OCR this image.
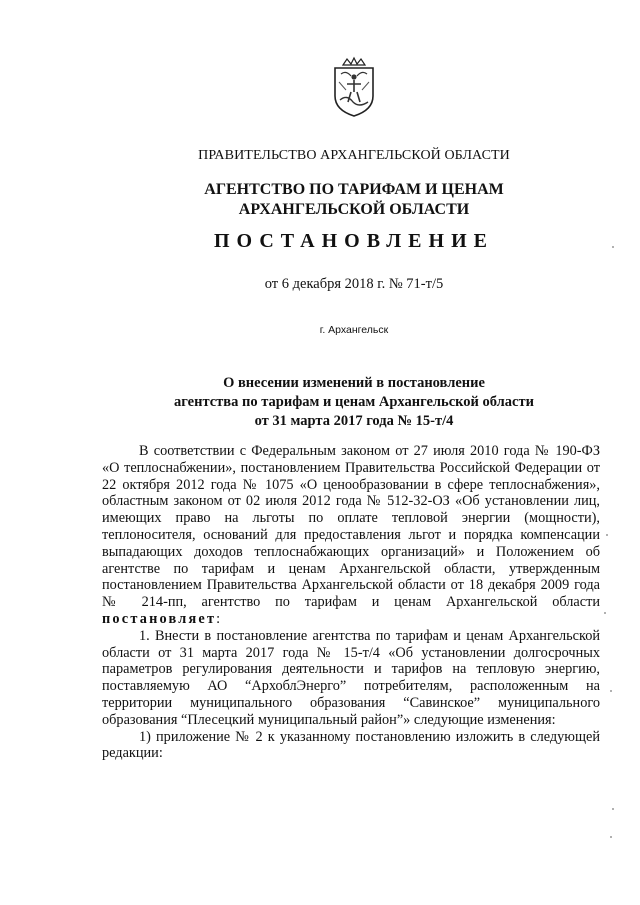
ПРАВИТЕЛЬСТВО АРХАНГЕЛЬСКОЙ ОБЛАСТИ
АГЕНТСТВО ПО ТАРИФАМ И ЦЕНАМ
АРХАНГЕЛЬСКОЙ ОБЛАСТИ
ПОСТАНОВЛЕНИЕ
от 6 декабря 2018 г. № 71-т/5
г. Архангельск
О внесении изменений в постановление
агентства по тарифам и ценам Архангельской области
от 31 марта 2017 года № 15-т/4

В соответствии с Федеральным законом от 27 июля 2010 года № 190-ФЗ «О теплоснабжении», постановлением Правительства Российской Федерации от 22 октября 2012 года № 1075 «О ценообразовании в сфере теплоснабжения», областным законом от 02 июля 2012 года № 512-32-ОЗ «Об установлении лиц, имеющих право на льготы по оплате тепловой энергии (мощности), теплоносителя, оснований для предоставления льгот и порядка компенсации выпадающих доходов теплоснабжающих организаций» и Положением об агентстве по тарифам и ценам Архангельской области, утвержденным постановлением Правительства Архангельской области от 18 декабря 2009 года № 214-пп, агентство по тарифам и ценам Архангельской области постановляет:

1. Внести в постановление агентства по тарифам и ценам Архангельской области от 31 марта 2017 года № 15-т/4 «Об установлении долгосрочных параметров регулирования деятельности и тарифов на тепловую энергию, поставляемую АО “АрхоблЭнерго” потребителям, расположенным на территории муниципального образования “Савинское” муниципального образования “Плесецкий муниципальный район”» следующие изменения:

1) приложение № 2 к указанному постановлению изложить в следующей редакции:
